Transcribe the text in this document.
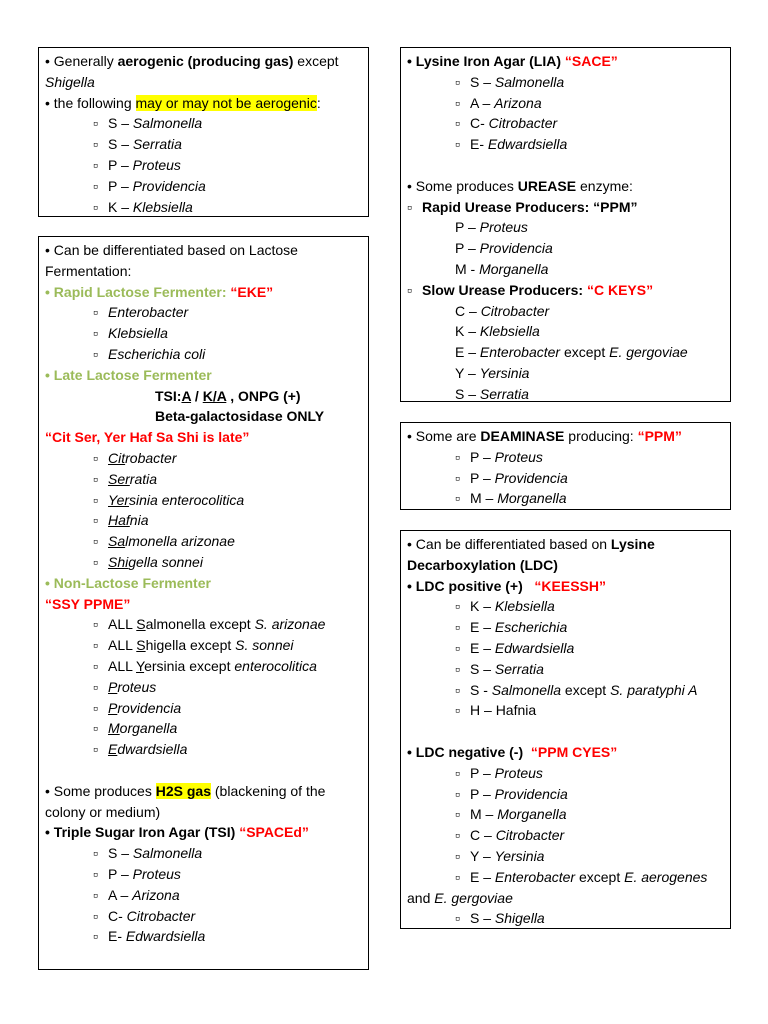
• Generally aerogenic (producing gas) except
Shigella
• the following may or may not be aerogenic:
▫ S – Salmonella
▫ S – Serratia
▫ P – Proteus
▫ P – Providencia
▫ K – Klebsiella
• Can be differentiated based on Lactose
Fermentation:
• Rapid Lactose Fermenter: “EKE”
▫ Enterobacter
▫ Klebsiella
▫ Escherichia coli
• Late Lactose Fermenter
TSI:A / K/A , ONPG (+)
Beta-galactosidase ONLY
“Cit Ser, Yer Haf Sa Shi is late”
▫ Citrobacter
▫ Serratia
▫ Yersinia enterocolitica
▫ Hafnia
▫ Salmonella arizonae
▫ Shigella sonnei
• Non-Lactose Fermenter
“SSY PPME”
▫ ALL Salmonella except S. arizonae
▫ ALL Shigella except S. sonnei
▫ ALL Yersinia except enterocolitica
▫ Proteus
▫ Providencia
▫ Morganella
▫ Edwardsiella
• Some produces H2S gas (blackening of the
colony or medium)
• Triple Sugar Iron Agar (TSI) “SPACEd”
▫ S – Salmonella
▫ P – Proteus
▫ A – Arizona
▫ C- Citrobacter
▫ E- Edwardsiella
• Lysine Iron Agar (LIA) “SACE”
▫ S – Salmonella
▫ A – Arizona
▫ C- Citrobacter
▫ E- Edwardsiella
• Some produces UREASE enzyme:
▫ Rapid Urease Producers: “PPM”
P – Proteus
P – Providencia
M - Morganella
▫ Slow Urease Producers: “C KEYS”
C – Citrobacter
K – Klebsiella
E – Enterobacter except E. gergoviae
Y – Yersinia
S – Serratia
• Some are DEAMINASE producing: “PPM”
▫ P – Proteus
▫ P – Providencia
▫ M – Morganella
• Can be differentiated based on Lysine
Decarboxylation (LDC)
• LDC positive (+)   “KEESSH”
▫ K – Klebsiella
▫ E – Escherichia
▫ E – Edwardsiella
▫ S – Serratia
▫ S - Salmonella except S. paratyphi A
▫ H – Hafnia
• LDC negative (-)  “PPM CYES”
▫ P – Proteus
▫ P – Providencia
▫ M – Morganella
▫ C – Citrobacter
▫ Y – Yersinia
▫ E – Enterobacter except E. aerogenes
and E. gergoviae
▫ S – Shigella
